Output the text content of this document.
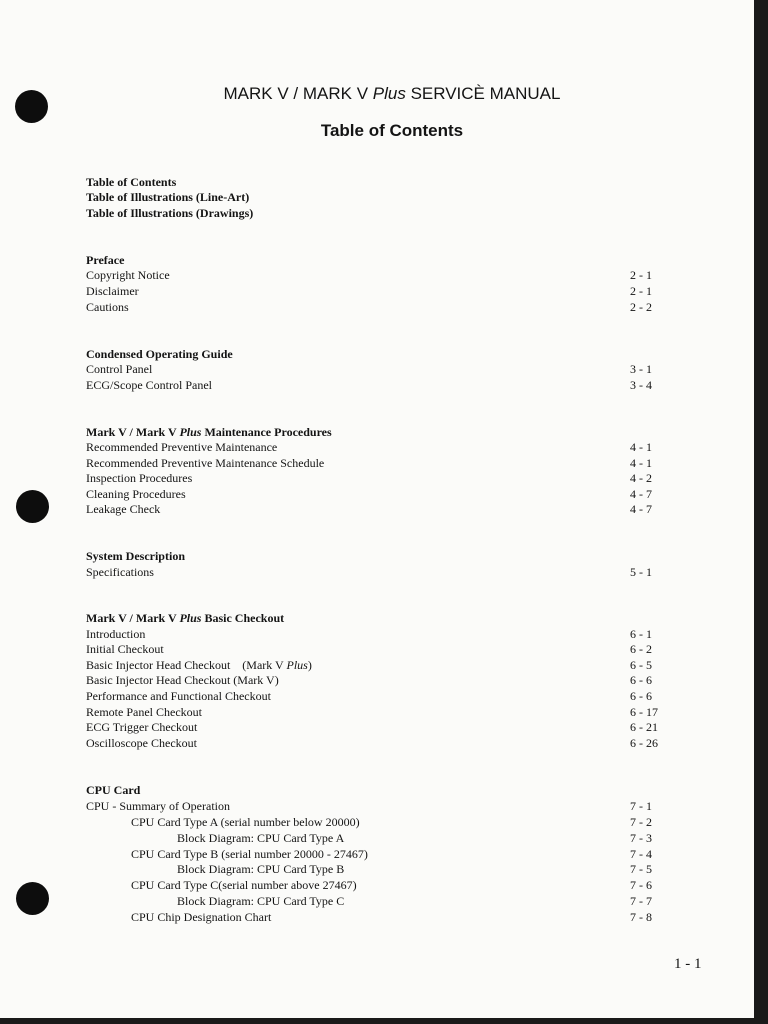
MARK V / MARK V Plus SERVICÈ MANUAL
Table of Contents
Table of Contents
Table of Illustrations (Line-Art)
Table of Illustrations (Drawings)
Preface
Copyright Notice	2 - 1
Disclaimer	2 - 1
Cautions	2 - 2
Condensed Operating Guide
Control Panel	3 - 1
ECG/Scope Control Panel	3 - 4
Mark V / Mark V Plus Maintenance Procedures
Recommended Preventive Maintenance	4 - 1
Recommended Preventive Maintenance Schedule	4 - 1
Inspection Procedures	4 - 2
Cleaning Procedures	4 - 7
Leakage Check	4 - 7
System Description
Specifications	5 - 1
Mark V / Mark V Plus Basic Checkout
Introduction	6 - 1
Initial Checkout	6 - 2
Basic Injector Head Checkout    (Mark V Plus)	6 - 5
Basic Injector Head Checkout (Mark V)	6 - 6
Performance and Functional Checkout	6 - 6
Remote Panel Checkout	6 - 17
ECG Trigger Checkout	6 - 21
Oscilloscope Checkout	6 - 26
CPU Card
CPU - Summary of Operation	7 - 1
CPU Card Type A (serial number below 20000)	7 - 2
Block Diagram: CPU Card Type A	7 - 3
CPU Card Type B (serial number 20000 - 27467)	7 - 4
Block Diagram: CPU Card Type B	7 - 5
CPU Card Type C(serial number above 27467)	7 - 6
Block Diagram: CPU Card Type C	7 - 7
CPU Chip Designation Chart	7 - 8
1 - 1
